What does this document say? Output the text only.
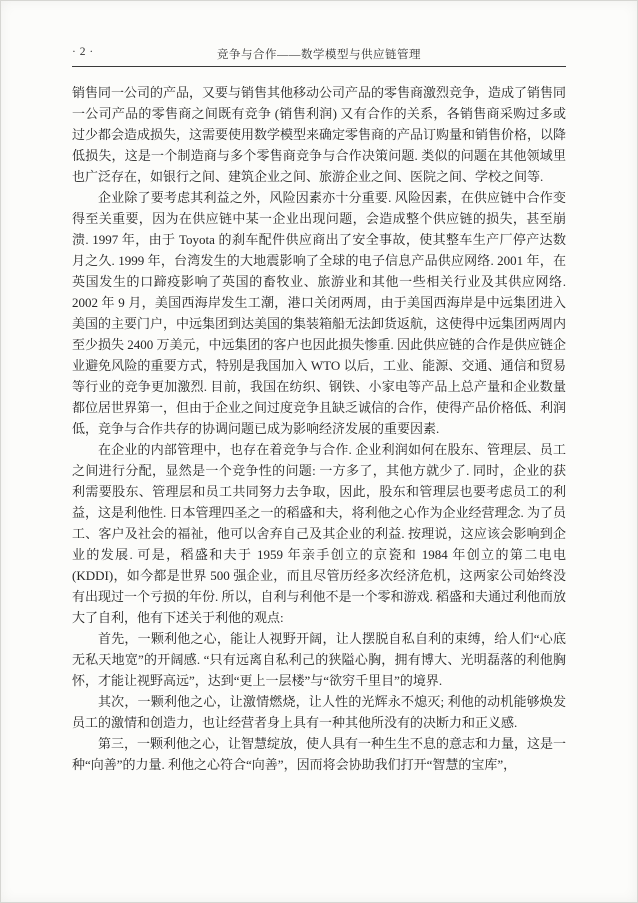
· 2 ·	竞争与合作——数学模型与供应链管理

销售同一公司的产品，又要与销售其他移动公司产品的零售商激烈竞争，造成了销售同一公司产品的零售商之间既有竞争 (销售利润) 又有合作的关系，各销售商采购过多或过少都会造成损失，这需要使用数学模型来确定零售商的产品订购量和销售价格，以降低损失，这是一个制造商与多个零售商竞争与合作决策问题. 类似的问题在其他领域里也广泛存在，如银行之间、建筑企业之间、旅游企业之间、医院之间、学校之间等.

企业除了要考虑其利益之外，风险因素亦十分重要. 风险因素，在供应链中合作变得至关重要，因为在供应链中某一企业出现问题，会造成整个供应链的损失，甚至崩溃. 1997 年，由于 Toyota 的刹车配件供应商出了安全事故，使其整车生产厂停产达数月之久. 1999 年，台湾发生的大地震影响了全球的电子信息产品供应网络. 2001 年，在英国发生的口蹄疫影响了英国的畜牧业、旅游业和其他一些相关行业及其供应网络. 2002 年 9 月，美国西海岸发生工潮，港口关闭两周，由于美国西海岸是中远集团进入美国的主要门户，中远集团到达美国的集装箱船无法卸货返航，这使得中远集团两周内至少损失 2400 万美元，中远集团的客户也因此损失惨重. 因此供应链的合作是供应链企业避免风险的重要方式，特别是我国加入 WTO 以后，工业、能源、交通、通信和贸易等行业的竞争更加激烈. 目前，我国在纺织、钢铁、小家电等产品上总产量和企业数量都位居世界第一，但由于企业之间过度竞争且缺乏诚信的合作，使得产品价格低、利润低，竞争与合作共存的协调问题已成为影响经济发展的重要因素.

在企业的内部管理中，也存在着竞争与合作. 企业利润如何在股东、管理层、员工之间进行分配，显然是一个竞争性的问题: 一方多了，其他方就少了. 同时，企业的获利需要股东、管理层和员工共同努力去争取，因此，股东和管理层也要考虑员工的利益，这是利他性. 日本管理四圣之一的稻盛和夫，将利他之心作为企业经营理念. 为了员工、客户及社会的福祉，他可以舍弃自己及其企业的利益. 按理说，这应该会影响到企业的发展. 可是，稻盛和夫于 1959 年亲手创立的京瓷和 1984 年创立的第二电电 (KDDI)，如今都是世界 500 强企业，而且尽管历经多次经济危机，这两家公司始终没有出现过一个亏损的年份. 所以，自利与利他不是一个零和游戏. 稻盛和夫通过利他而放大了自利，他有下述关于利他的观点:

首先，一颗利他之心，能让人视野开阔，让人摆脱自私自利的束缚，给人们“心底无私天地宽”的开阔感. “只有远离自私利己的狭隘心胸，拥有博大、光明磊落的利他胸怀，才能让视野高远”，达到“更上一层楼”与“欲穷千里目”的境界.

其次，一颗利他之心，让激情燃烧，让人性的光辉永不熄灭; 利他的动机能够焕发员工的激情和创造力，也让经营者身上具有一种其他所没有的决断力和正义感.

第三，一颗利他之心，让智慧绽放，使人具有一种生生不息的意志和力量，这是一种“向善”的力量. 利他之心符合“向善”，因而将会协助我们打开“智慧的宝库”，
